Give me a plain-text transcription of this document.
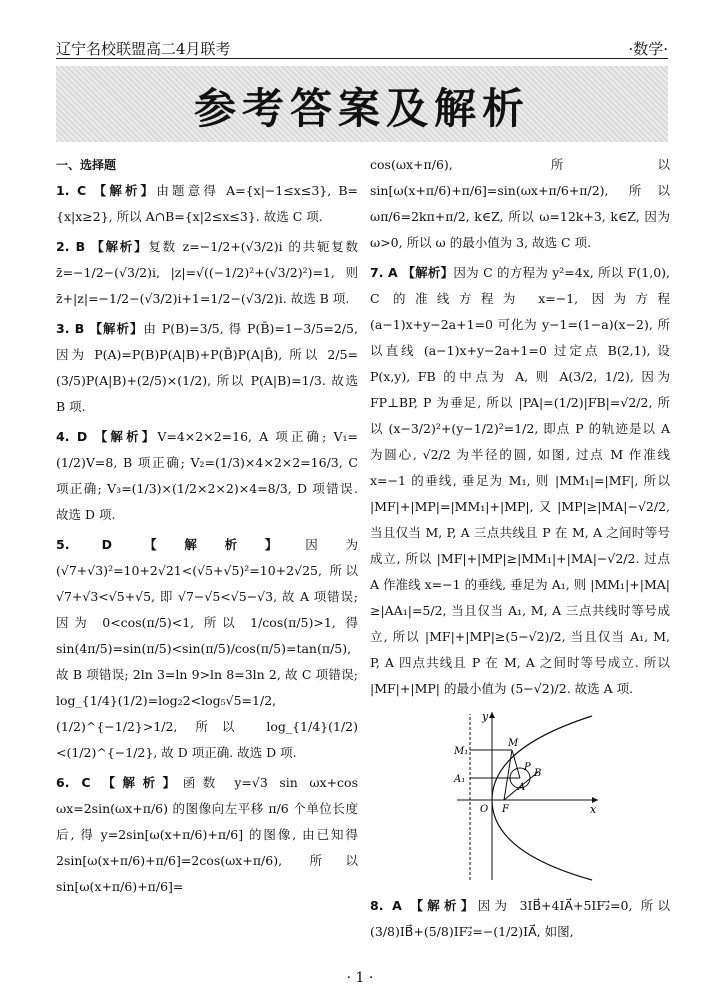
辽宁名校联盟高二4月联考	·数学·
参考答案及解析
一、选择题

1. C 【解析】由题意得 A={x|−1≤x≤3}, B={x|x≥2}, 所以 A∩B={x|2≤x≤3}. 故选 C 项.

2. B 【解析】复数 z=−1/2+(√3/2)i 的共轭复数 z̄=−1/2−(√3/2)i, |z|=√((−1/2)²+(√3/2)²)=1, 则 z̄+|z|=−1/2−(√3/2)i+1=1/2−(√3/2)i. 故选 B 项.

3. B 【解析】由 P(B)=3/5, 得 P(B̄)=1−3/5=2/5, 因为 P(A)=P(B)P(A|B)+P(B̄)P(A|B̄), 所以 2/5=(3/5)P(A|B)+(2/5)×(1/2), 所以 P(A|B)=1/3. 故选 B 项.

4. D 【解析】V=4×2×2=16, A 项正确; V₁=(1/2)V=8, B 项正确; V₂=(1/3)×4×2×2=16/3, C 项正确; V₃=(1/3)×(1/2×2×2)×4=8/3, D 项错误. 故选 D 项.

5. D 【解析】因为 (√7+√3)²=10+2√21<(√5+√5)²=10+2√25, 所以 √7+√3<√5+√5, 即 √7−√5<√5−√3, 故 A 项错误; 因为 0<cos(π/5)<1, 所以 1/cos(π/5)>1, 得 sin(4π/5)=sin(π/5)<sin(π/5)/cos(π/5)=tan(π/5), 故 B 项错误; 2ln 3=ln 9>ln 8=3ln 2, 故 C 项错误; log_{1/4}(1/2)=log₂2<log₅√5=1/2, (1/2)^{−1/2}>1/2, 所以 log_{1/4}(1/2)<(1/2)^{−1/2}, 故 D 项正确. 故选 D 项.

6. C 【解析】函数 y=√3 sin ωx+cos ωx=2sin(ωx+π/6) 的图像向左平移 π/6 个单位长度后, 得 y=2sin[ω(x+π/6)+π/6] 的图像, 由已知得 2sin[ω(x+π/6)+π/6]=2cos(ωx+π/6), 所以 sin[ω(x+π/6)+π/6]=

cos(ωx+π/6), 所以 sin[ω(x+π/6)+π/6]=sin(ωx+π/6+π/2), 所以 ωπ/6=2kπ+π/2, k∈Z, 所以 ω=12k+3, k∈Z, 因为 ω>0, 所以 ω 的最小值为 3, 故选 C 项.

7. A 【解析】因为 C 的方程为 y²=4x, 所以 F(1,0), C 的准线方程为 x=−1, 因为方程 (a−1)x+y−2a+1=0 可化为 y−1=(1−a)(x−2), 所以直线 (a−1)x+y−2a+1=0 过定点 B(2,1), 设 P(x,y), FB 的中点为 A, 则 A(3/2, 1/2), 因为 FP⊥BP, P 为垂足, 所以 |PA|=(1/2)|FB|=√2/2, 所以 (x−3/2)²+(y−1/2)²=1/2, 即点 P 的轨迹是以 A 为圆心, √2/2 为半径的圆, 如图, 过点 M 作准线 x=−1 的垂线, 垂足为 M₁, 则 |MM₁|=|MF|, 所以 |MF|+|MP|=|MM₁|+|MP|, 又 |MP|≥|MA|−√2/2, 当且仅当 M, P, A 三点共线且 P 在 M, A 之间时等号成立, 所以 |MF|+|MP|≥|MM₁|+|MA|−√2/2. 过点 A 作准线 x=−1 的垂线, 垂足为 A₁, 则 |MM₁|+|MA|≥|AA₁|=5/2, 当且仅当 A₁, M, A 三点共线时等号成立, 所以 |MF|+|MP|≥(5−√2)/2, 当且仅当 A₁, M, P, A 四点共线且 P 在 M, A 之间时等号成立. 所以 |MF|+|MP| 的最小值为 (5−√2)/2. 故选 A 项.

y
x
O F
M
M₁
A₁
A
P
B

8. A 【解析】因为 3IB⃗+4IA⃗+5IF₂⃗=0, 所以 (3/8)IB⃗+(5/8)IF₂⃗=−(1/2)IA⃗, 如图,

· 1 ·
